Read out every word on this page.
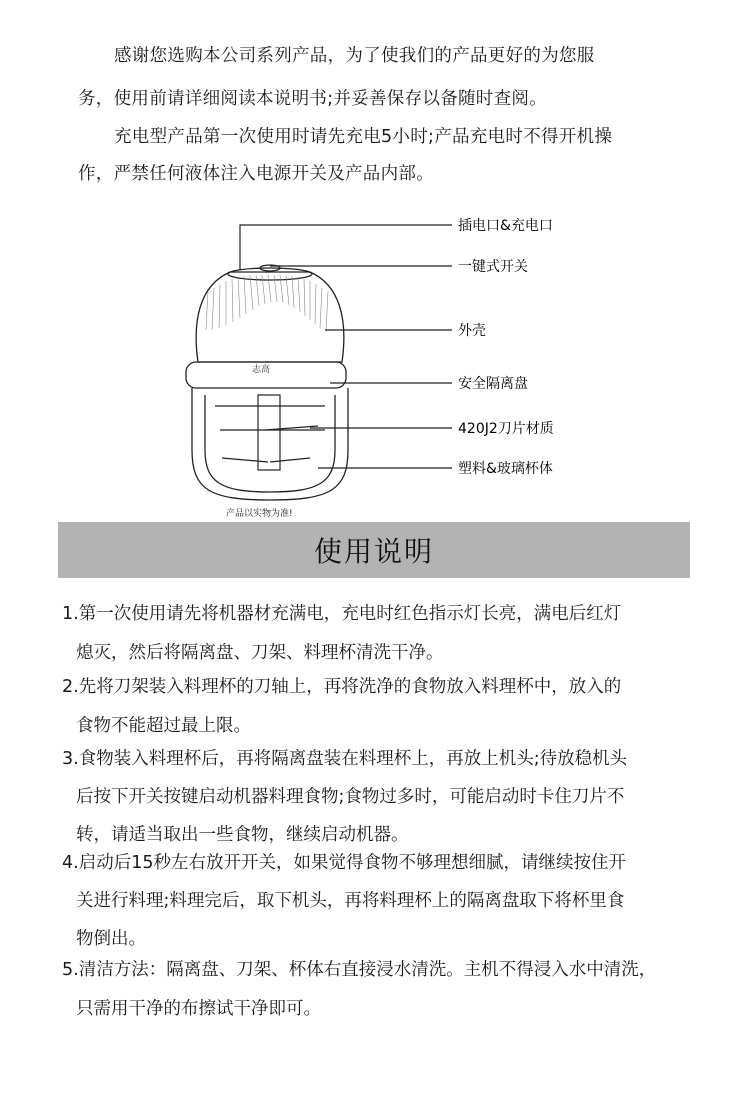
感谢您选购本公司系列产品，为了使我们的产品更好的为您服
务，使用前请详细阅读本说明书;并妥善保存以备随时查阅。
充电型产品第一次使用时请先充电5小时;产品充电时不得开机操
作，严禁任何液体注入电源开关及产品内部。
志高
产品以实物为准!
插电口&充电口
一键式开关
外壳
安全隔离盘
420J2刀片材质
塑料&玻璃杯体
使用说明
1.第一次使用请先将机器材充满电，充电时红色指示灯长亮，满电后红灯
熄灭，然后将隔离盘、刀架、料理杯清洗干净。
2.先将刀架装入料理杯的刀轴上，再将洗净的食物放入料理杯中，放入的
食物不能超过最上限。
3.食物装入料理杯后，再将隔离盘装在料理杯上，再放上机头;待放稳机头
后按下开关按键启动机器料理食物;食物过多时，可能启动时卡住刀片不
转，请适当取出一些食物，继续启动机器。
4.启动后15秒左右放开开关，如果觉得食物不够理想细腻，请继续按住开
关进行料理;料理完后，取下机头，再将料理杯上的隔离盘取下将杯里食
物倒出。
5.清洁方法：隔离盘、刀架、杯体右直接浸水清洗。主机不得浸入水中清洗，
只需用干净的布擦试干净即可。
